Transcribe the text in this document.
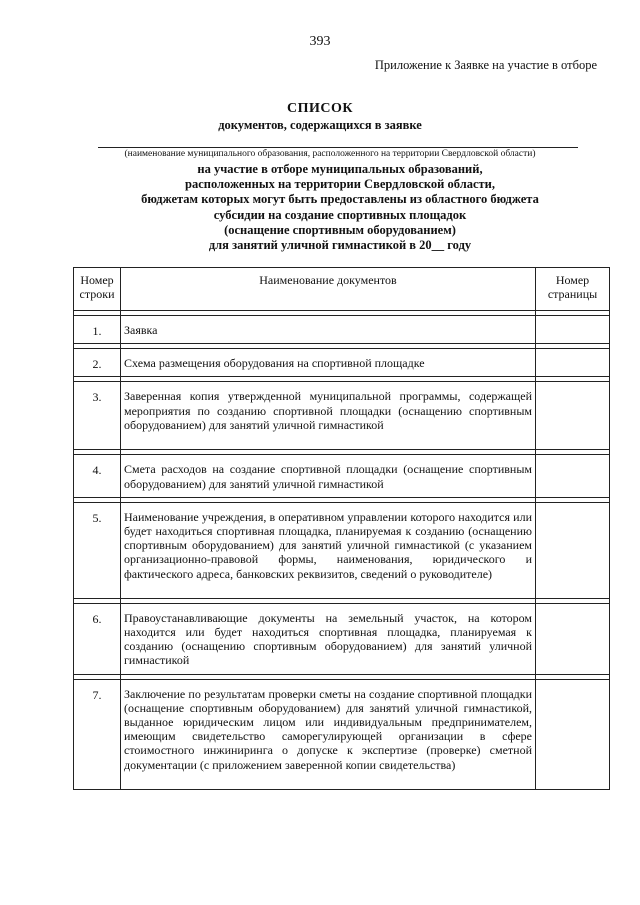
393
Приложение к Заявке на участие в отборе
СПИСОК
документов, содержащихся в заявке
(наименование муниципального образования, расположенного на территории Свердловской области)
на участие в отборе муниципальных образований,
расположенных на территории Свердловской области,
бюджетам которых могут быть предоставлены из областного бюджета
субсидии на создание спортивных площадок
(оснащение спортивным оборудованием)
для занятий уличной гимнастикой в 20__ году
Номер строки	Наименование документов	Номер страницы

1.	Заявка	

2.	Схема размещения оборудования на спортивной площадке	

3.	Заверенная копия утвержденной муниципальной программы, содержащей мероприятия по созданию спортивной площадки (оснащению спортивным оборудованием) для занятий уличной гимнастикой	

4.	Смета расходов на создание спортивной площадки (оснащение спортивным оборудованием) для занятий уличной гимнастикой	

5.	Наименование учреждения, в оперативном управлении которого находится или будет находиться спортивная площадка, планируемая к созданию (оснащению спортивным оборудованием) для занятий уличной гимнастикой (с указанием организационно-правовой формы, наименования, юридического и фактического адреса, банковских реквизитов, сведений о руководителе)	

6.	Правоустанавливающие документы на земельный участок, на котором находится или будет находиться спортивная площадка, планируемая к созданию (оснащению спортивным оборудованием) для занятий уличной гимнастикой	

7.	Заключение по результатам проверки сметы на создание спортивной площадки (оснащение спортивным оборудованием) для занятий уличной гимнастикой, выданное юридическим лицом или индивидуальным предпринимателем, имеющим свидетельство саморегулирующей организации в сфере стоимостного инжиниринга о допуске к экспертизе (проверке) сметной документации (с приложением заверенной копии свидетельства)	
